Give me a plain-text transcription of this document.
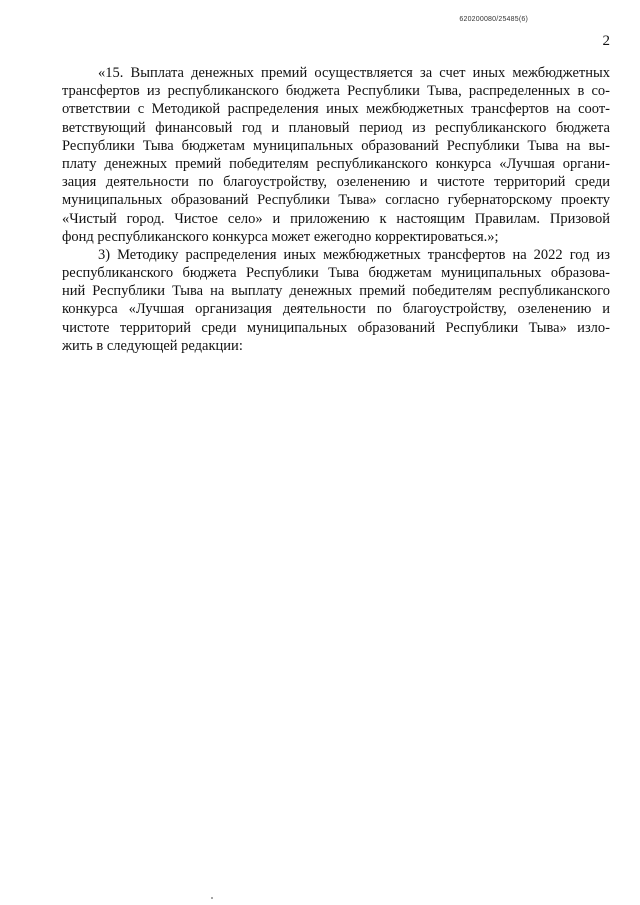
620200080/25485(6)
2
«15. Выплата денежных премий осуществляется за счет иных межбюджетных
трансфертов из республиканского бюджета Республики Тыва, распределенных в со-
ответствии с Методикой распределения иных межбюджетных трансфертов на соот-
ветствующий финансовый год и плановый период из республиканского бюджета
Республики Тыва бюджетам муниципальных образований Республики Тыва на вы-
плату денежных премий победителям республиканского конкурса «Лучшая органи-
зация деятельности по благоустройству, озеленению и чистоте территорий среди
муниципальных образований Республики Тыва» согласно губернаторскому проекту
«Чистый город. Чистое село» и приложению к настоящим Правилам. Призовой
фонд республиканского конкурса может ежегодно корректироваться.»;
3) Методику распределения иных межбюджетных трансфертов на 2022 год из
республиканского бюджета Республики Тыва бюджетам муниципальных образова-
ний Республики Тыва на выплату денежных премий победителям республиканского
конкурса «Лучшая организация деятельности по благоустройству, озеленению и
чистоте территорий среди муниципальных образований Республики Тыва» изло-
жить в следующей редакции:
